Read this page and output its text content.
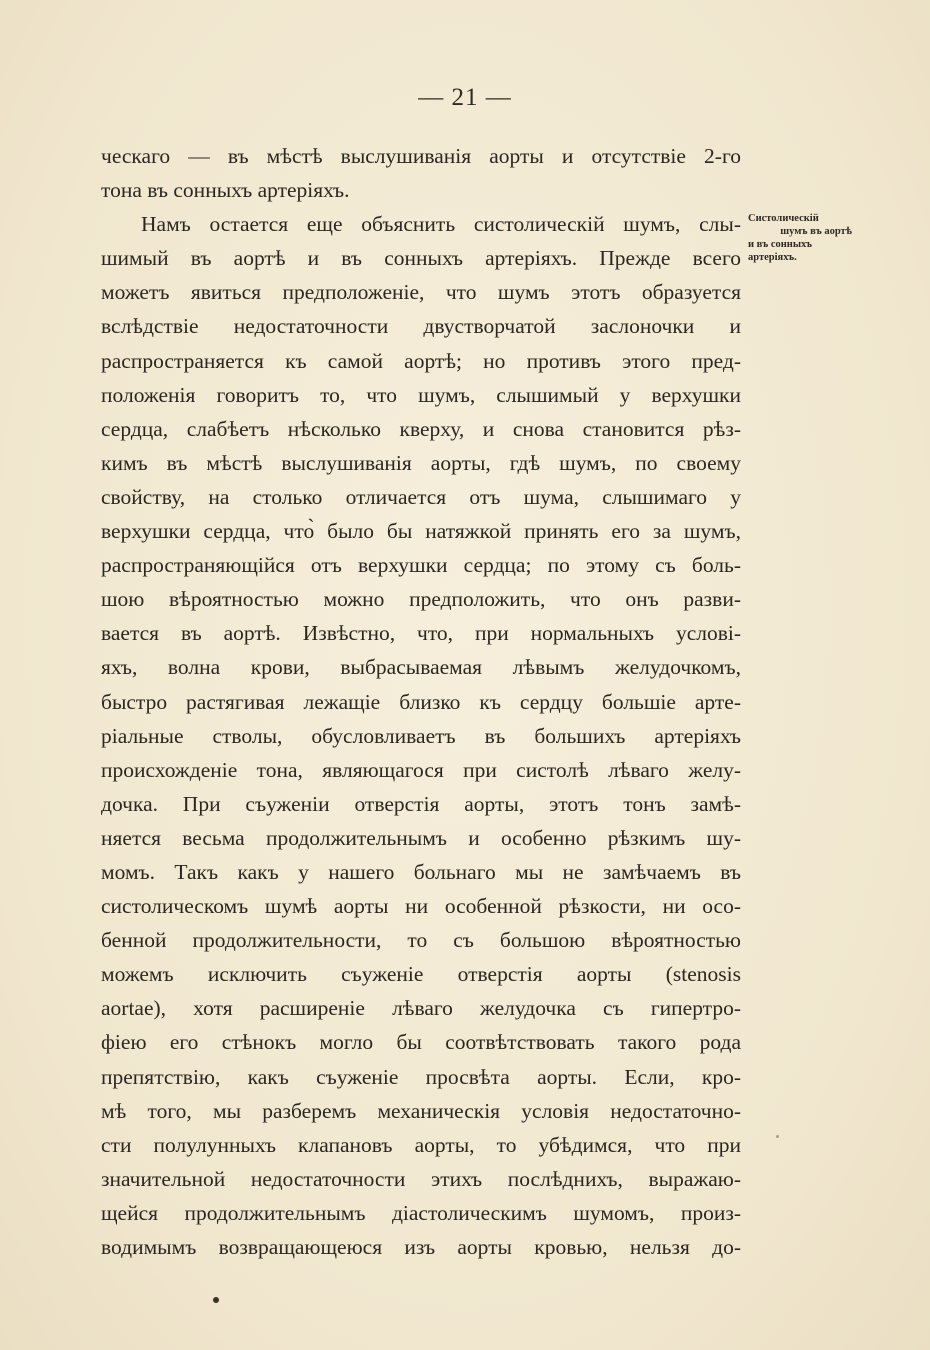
— 21 —
Систолическій
шумъ въ аортѣ
и въ сонныхъ
артеріяхъ.
ческаго — въ мѣстѣ выслушиванія аорты и отсутствіе 2-го
тона въ сонныхъ артеріяхъ.
Намъ остается еще объяснить систолическій шумъ, слы-
шимый въ аортѣ и въ сонныхъ артеріяхъ. Прежде всего
можетъ явиться предположеніе, что шумъ этотъ образуется
вслѣдствіе недостаточности двустворчатой заслоночки и
распространяется къ самой аортѣ; но противъ этого пред-
положенія говоритъ то, что шумъ, слышимый у верхушки
сердца, слабѣетъ нѣсколько кверху, и снова становится рѣз-
кимъ въ мѣстѣ выслушиванія аорты, гдѣ шумъ, по своему
свойству, на столько отличается отъ шума, слышимаго у
верхушки сердца, что̀ было бы натяжкой принять его за шумъ,
распространяющійся отъ верхушки сердца; по этому съ боль-
шою вѣроятностью можно предположить, что онъ разви-
вается въ аортѣ. Извѣстно, что, при нормальныхъ услові-
яхъ, волна крови, выбрасываемая лѣвымъ желудочкомъ,
быстро растягивая лежащіе близко къ сердцу большіе арте-
ріальные стволы, обусловливаетъ въ большихъ артеріяхъ
происхожденіе тона, являющагося при систолѣ лѣваго желу-
дочка. При съуженіи отверстія аорты, этотъ тонъ замѣ-
няется весьма продолжительнымъ и особенно рѣзкимъ шу-
момъ. Такъ какъ у нашего больнаго мы не замѣчаемъ въ
систолическомъ шумѣ аорты ни особенной рѣзкости, ни осо-
бенной продолжительности, то съ большою вѣроятностью
можемъ исключить съуженіе отверстія аорты (stenosis
aortae), хотя расширеніе лѣваго желудочка съ гипертро-
фіею его стѣнокъ могло бы соотвѣтствовать такого рода
препятствію, какъ съуженіе просвѣта аорты. Если, кро-
мѣ того, мы разберемъ механическія условія недостаточно-
сти полулунныхъ клапановъ аорты, то убѣдимся, что при
значительной недостаточности этихъ послѣднихъ, выражаю-
щейся продолжительнымъ діастолическимъ шумомъ, произ-
водимымъ возвращающеюся изъ аорты кровью, нельзя до-
